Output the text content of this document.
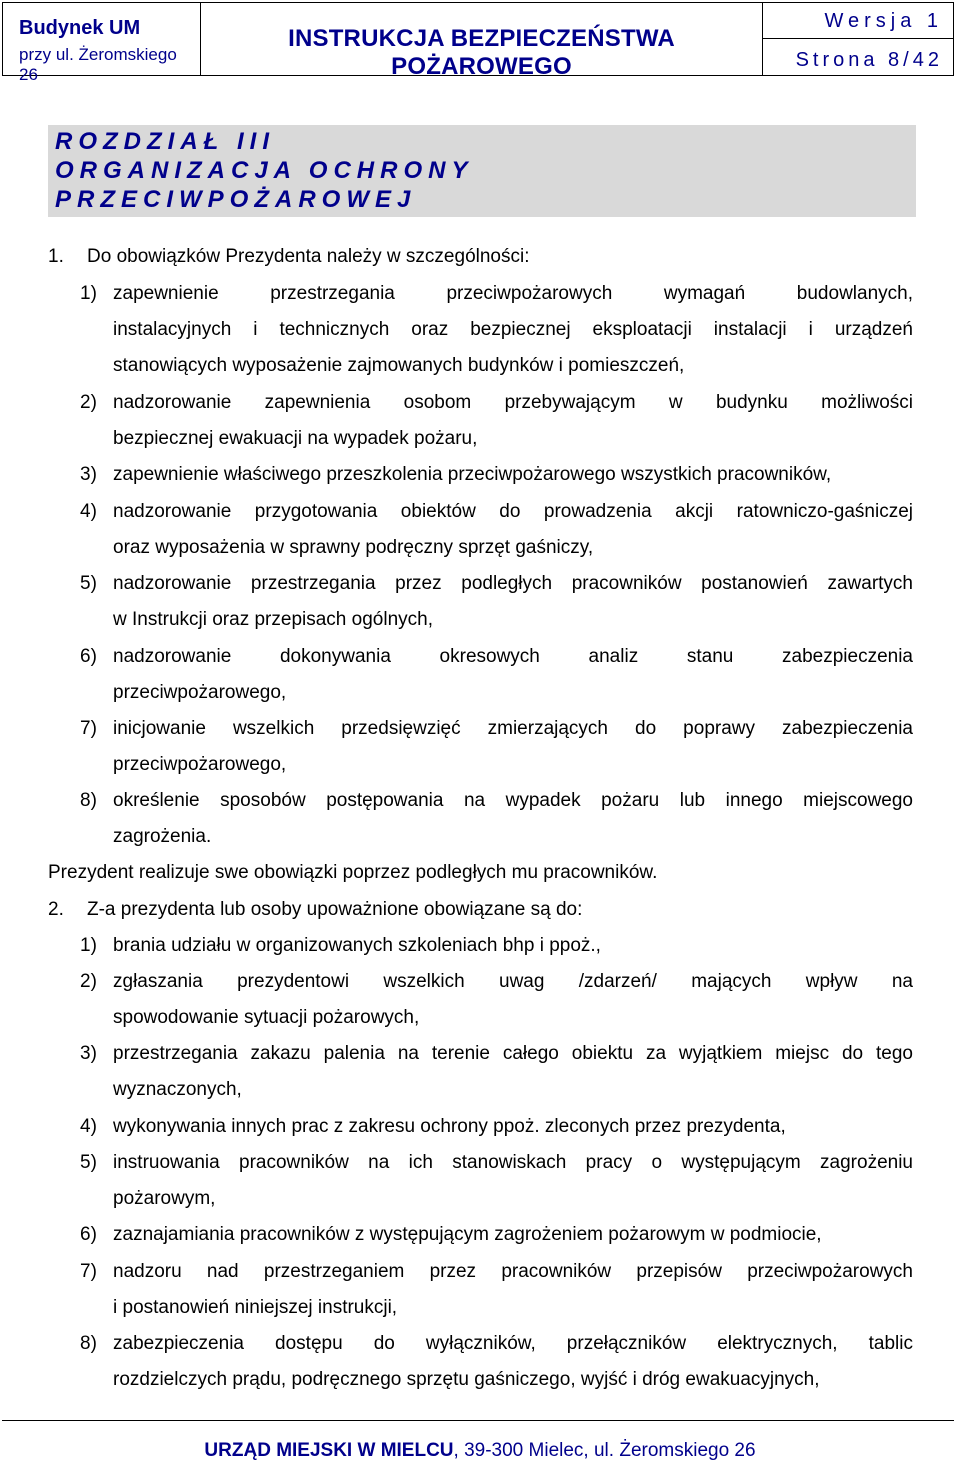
Budynek UM
przy ul. Żeromskiego 26
INSTRUKCJA BEZPIECZEŃSTWA POŻAROWEGO
Wersja 1
Strona 8/42
ROZDZIAŁ III
ORGANIZACJA OCHRONY
PRZECIWPOŻAROWEJ
1. Do obowiązków Prezydenta należy w szczególności:
1) zapewnienie przestrzegania przeciwpożarowych wymagań budowlanych,
instalacyjnych i technicznych oraz bezpiecznej eksploatacji instalacji i urządzeń
stanowiących wyposażenie zajmowanych budynków i pomieszczeń,
2) nadzorowanie zapewnienia osobom przebywającym w budynku możliwości
bezpiecznej ewakuacji na wypadek pożaru,
3) zapewnienie właściwego przeszkolenia przeciwpożarowego wszystkich pracowników,
4) nadzorowanie przygotowania obiektów do prowadzenia akcji ratowniczo-gaśniczej
oraz wyposażenia w sprawny podręczny sprzęt gaśniczy,
5) nadzorowanie przestrzegania przez podległych pracowników postanowień zawartych
w Instrukcji oraz przepisach ogólnych,
6) nadzorowanie dokonywania okresowych analiz stanu zabezpieczenia
przeciwpożarowego,
7) inicjowanie wszelkich przedsięwzięć zmierzających do poprawy zabezpieczenia
przeciwpożarowego,
8) określenie sposobów postępowania na wypadek pożaru lub innego miejscowego
zagrożenia.
Prezydent realizuje swe obowiązki poprzez podległych mu pracowników.
2. Z-a prezydenta lub osoby upoważnione obowiązane są do:
1) brania udziału w organizowanych szkoleniach bhp i ppoż.,
2) zgłaszania prezydentowi wszelkich uwag /zdarzeń/ mających wpływ na
spowodowanie sytuacji pożarowych,
3) przestrzegania zakazu palenia na terenie całego obiektu za wyjątkiem miejsc do tego
wyznaczonych,
4) wykonywania innych prac z zakresu ochrony ppoż. zleconych przez prezydenta,
5) instruowania pracowników na ich stanowiskach pracy o występującym zagrożeniu
pożarowym,
6) zaznajamiania pracowników z występującym zagrożeniem pożarowym w podmiocie,
7) nadzoru nad przestrzeganiem przez pracowników przepisów przeciwpożarowych
i postanowień niniejszej instrukcji,
8) zabezpieczenia dostępu do wyłączników, przełączników elektrycznych, tablic
rozdzielczych prądu, podręcznego sprzętu gaśniczego, wyjść i dróg ewakuacyjnych,
URZĄD MIEJSKI W MIELCU, 39-300 Mielec, ul. Żeromskiego 26
